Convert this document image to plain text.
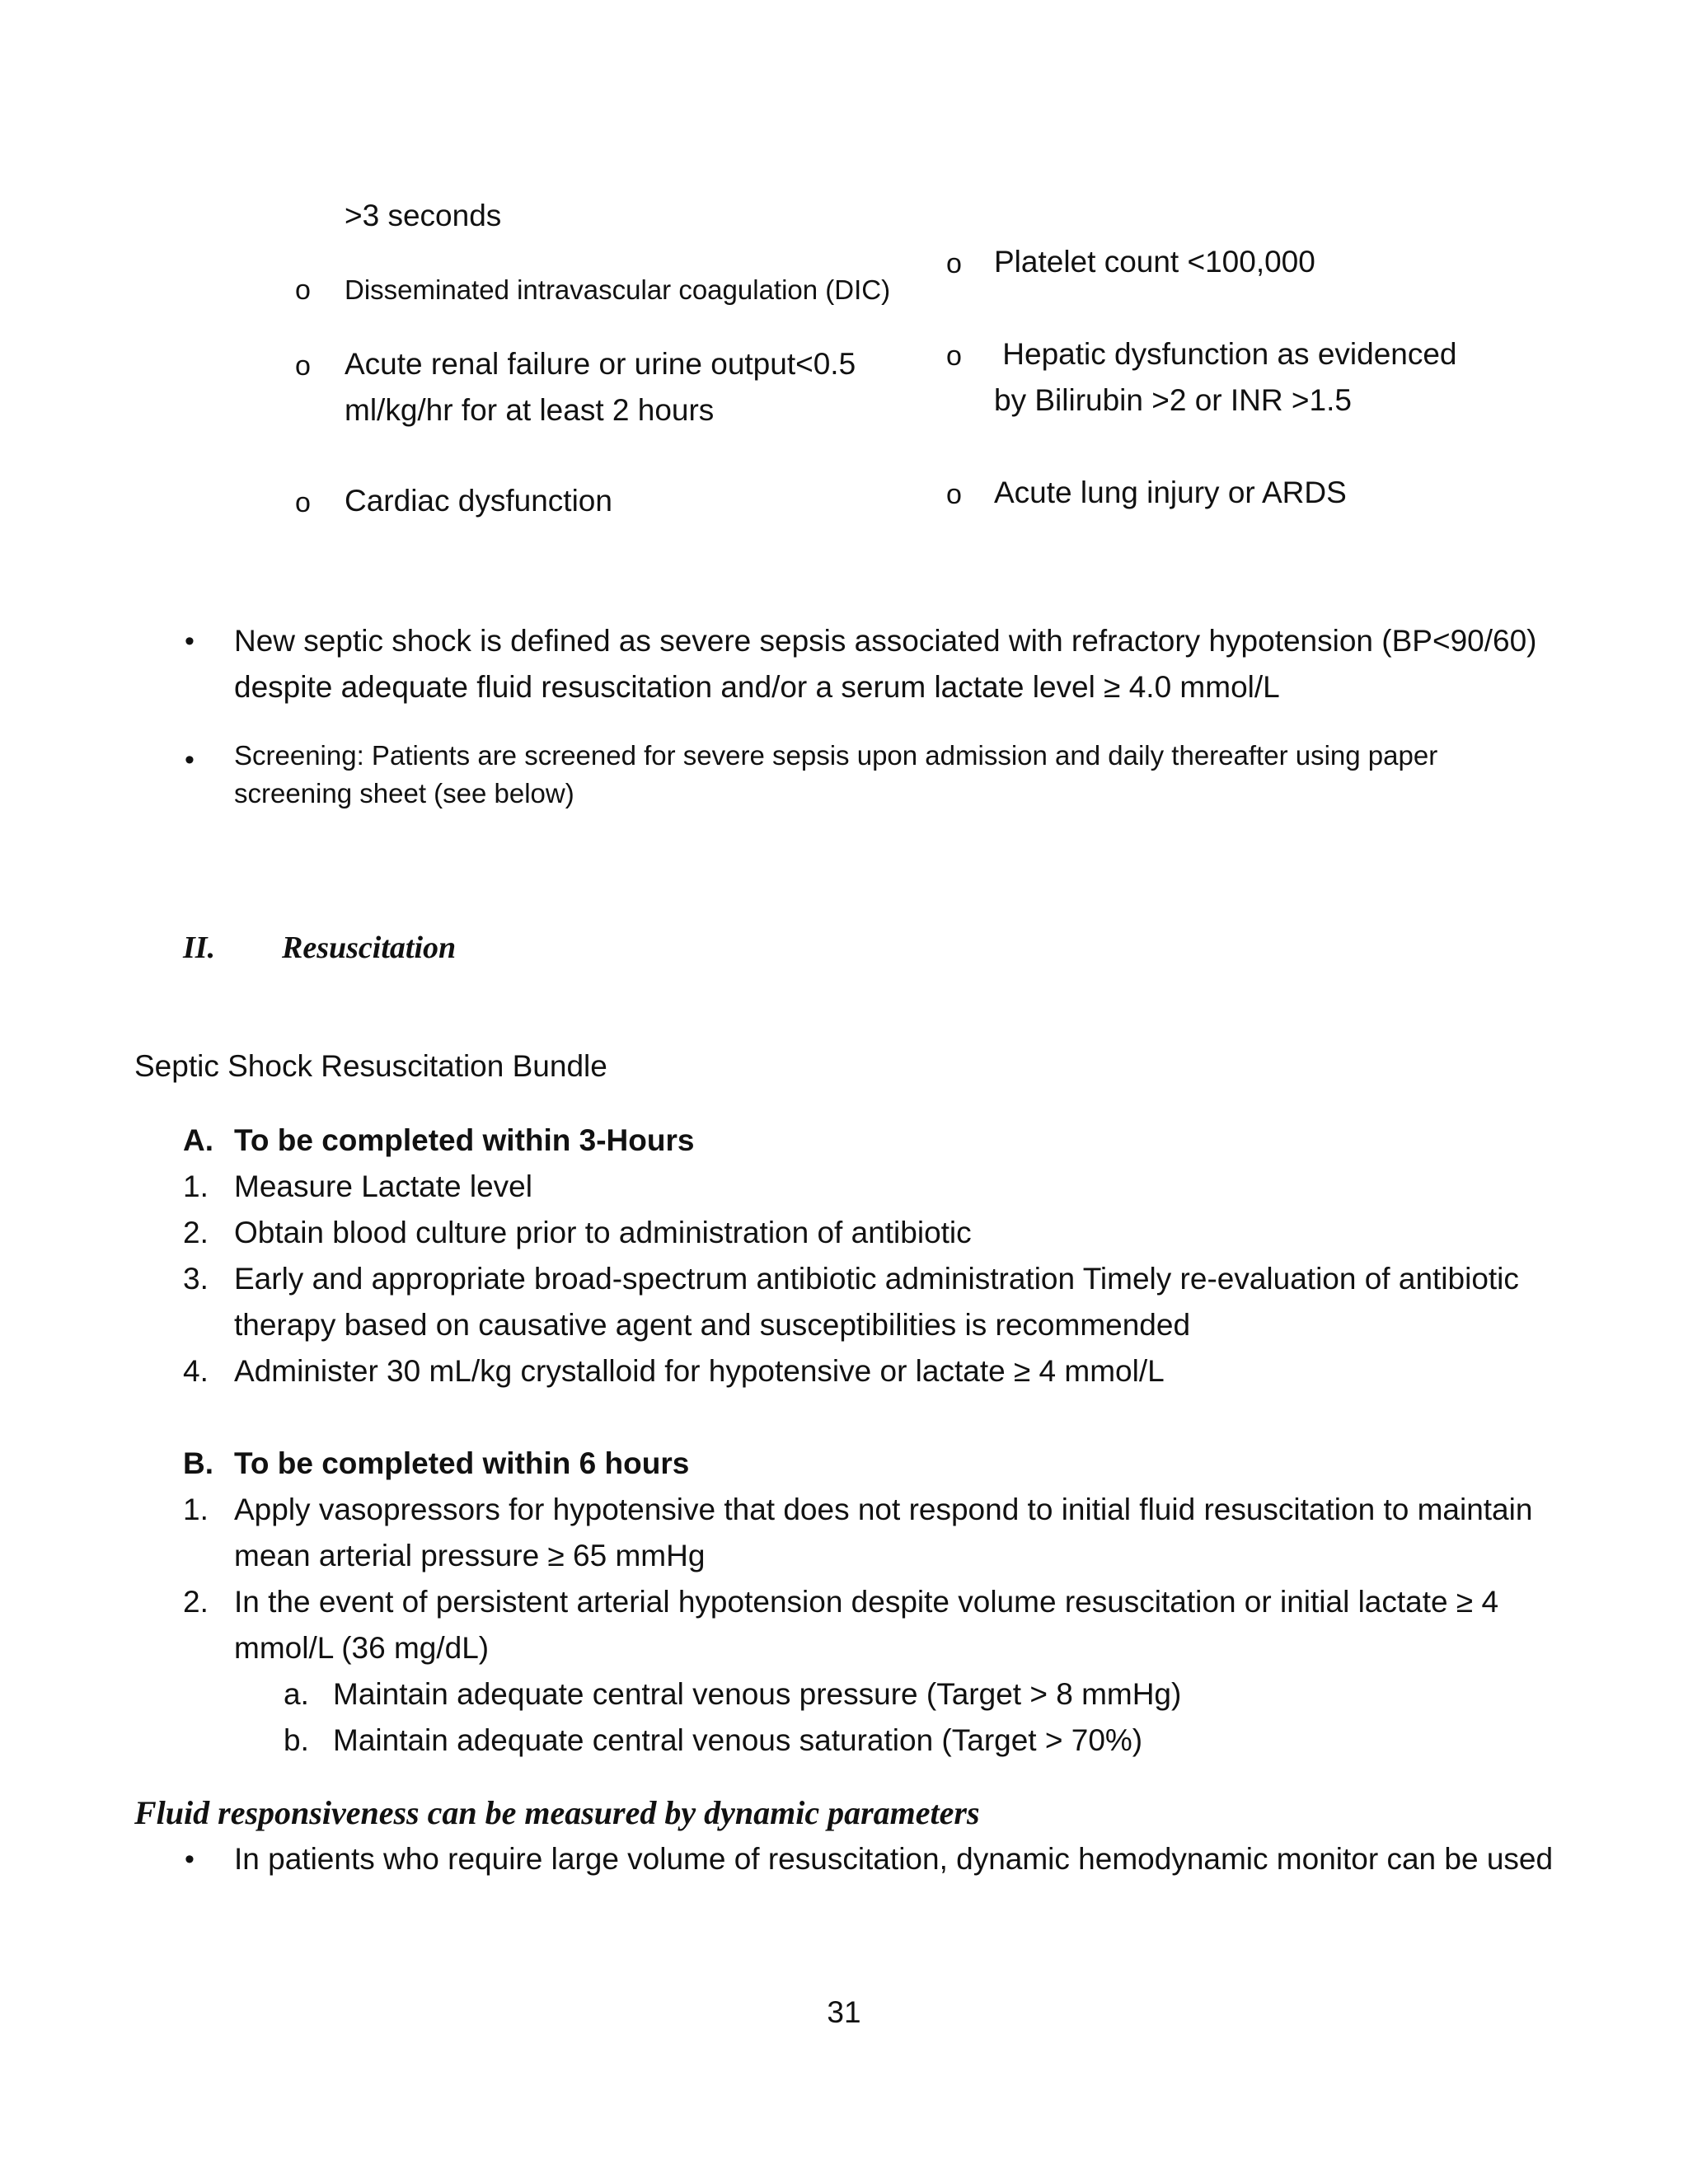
>3 seconds
o Disseminated intravascular coagulation (DIC)
o Acute renal failure or urine output<0.5
ml/kg/hr for at least 2 hours
o Cardiac dysfunction
o Platelet count <100,000
o Hepatic dysfunction as evidenced
by Bilirubin >2 or INR >1.5
o Acute lung injury or ARDS
• New septic shock is defined as severe sepsis associated with refractory hypotension (BP<90/60)
despite adequate fluid resuscitation and/or a serum lactate level ≥ 4.0 mmol/L
• Screening: Patients are screened for severe sepsis upon admission and daily thereafter using paper
screening sheet (see below)
II. Resuscitation
Septic Shock Resuscitation Bundle
A. To be completed within 3-Hours
1. Measure Lactate level
2. Obtain blood culture prior to administration of antibiotic
3. Early and appropriate broad-spectrum antibiotic administration Timely re-evaluation of antibiotic
therapy based on causative agent and susceptibilities is recommended
4. Administer 30 mL/kg crystalloid for hypotensive or lactate ≥ 4 mmol/L
B. To be completed within 6 hours
1. Apply vasopressors for hypotensive that does not respond to initial fluid resuscitation to maintain
mean arterial pressure ≥ 65 mmHg
2. In the event of persistent arterial hypotension despite volume resuscitation or initial lactate ≥ 4
mmol/L (36 mg/dL)
a. Maintain adequate central venous pressure (Target > 8 mmHg)
b. Maintain adequate central venous saturation (Target > 70%)
Fluid responsiveness can be measured by dynamic parameters
• In patients who require large volume of resuscitation, dynamic hemodynamic monitor can be used
31
